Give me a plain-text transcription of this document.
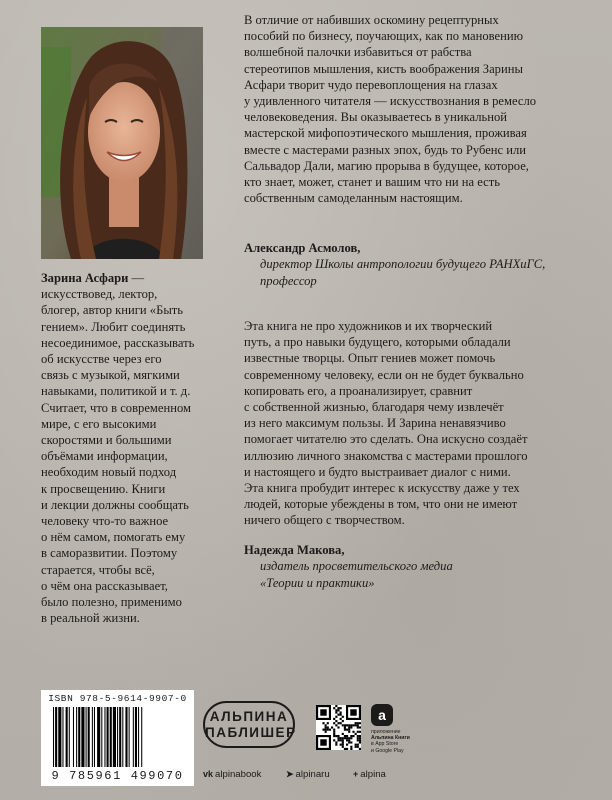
В отличие от набивших оскомину рецептурных
пособий по бизнесу, поучающих, как по мановению
волшебной палочки избавиться от рабства
стереотипов мышления, кисть воображения Зарины
Асфари творит чудо перевоплощения на глазах
у удивленного читателя — искусствознания в ремесло
человековедения. Вы оказываетесь в уникальной
мастерской мифопоэтического мышления, проживая
вместе с мастерами разных эпох, будь то Рубенс или
Сальвадор Дали, магию прорыва в будущее, которое,
кто знает, может, станет и вашим что ни на есть
собственным самоделанным настоящим.
Александр Асмолов,
директор Школы антропологии будущего РАНХиГС,
профессор
Эта книга не про художников и их творческий
путь, а про навыки будущего, которыми обладали
известные творцы. Опыт гениев может помочь
современному человеку, если он не будет буквально
копировать его, а проанализирует, сравнит
с собственной жизнью, благодаря чему извлечёт
из него максимум пользы. И Зарина ненавязчиво
помогает читателю это сделать. Она искусно создаёт
иллюзию личного знакомства с мастерами прошлого
и настоящего и будто выстраивает диалог с ними.
Эта книга пробудит интерес к искусству даже у тех
людей, которые убеждены в том, что они не имеют
ничего общего с творчеством.
Надежда Макова,
издатель просветительского медиа
«Теории и практики»
Зарина Асфари —
искусствовед, лектор,
блогер, автор книги «Быть
гением». Любит соединять
несоединимое, рассказывать
об искусстве через его
связь с музыкой, мягкими
навыками, политикой и т. д.
Считает, что в современном
мире, с его высокими
скоростями и большими
объёмами информации,
необходим новый подход
к просвещению. Книги
и лекции должны сообщать
человеку что-то важное
о нём самом, помогать ему
в саморазвитии. Поэтому
старается, чтобы всё,
о чём она рассказывает,
было полезно, применимо
в реальной жизни.
ISBN 978-5-9614-9907-0
9 785961 499070
АЛЬПИНА
ПАБЛИШЕР
a
приложение
Альпина Книги
в App Store
и Google Play
vk alpinabook	➤ alpinaru	+ alpina
